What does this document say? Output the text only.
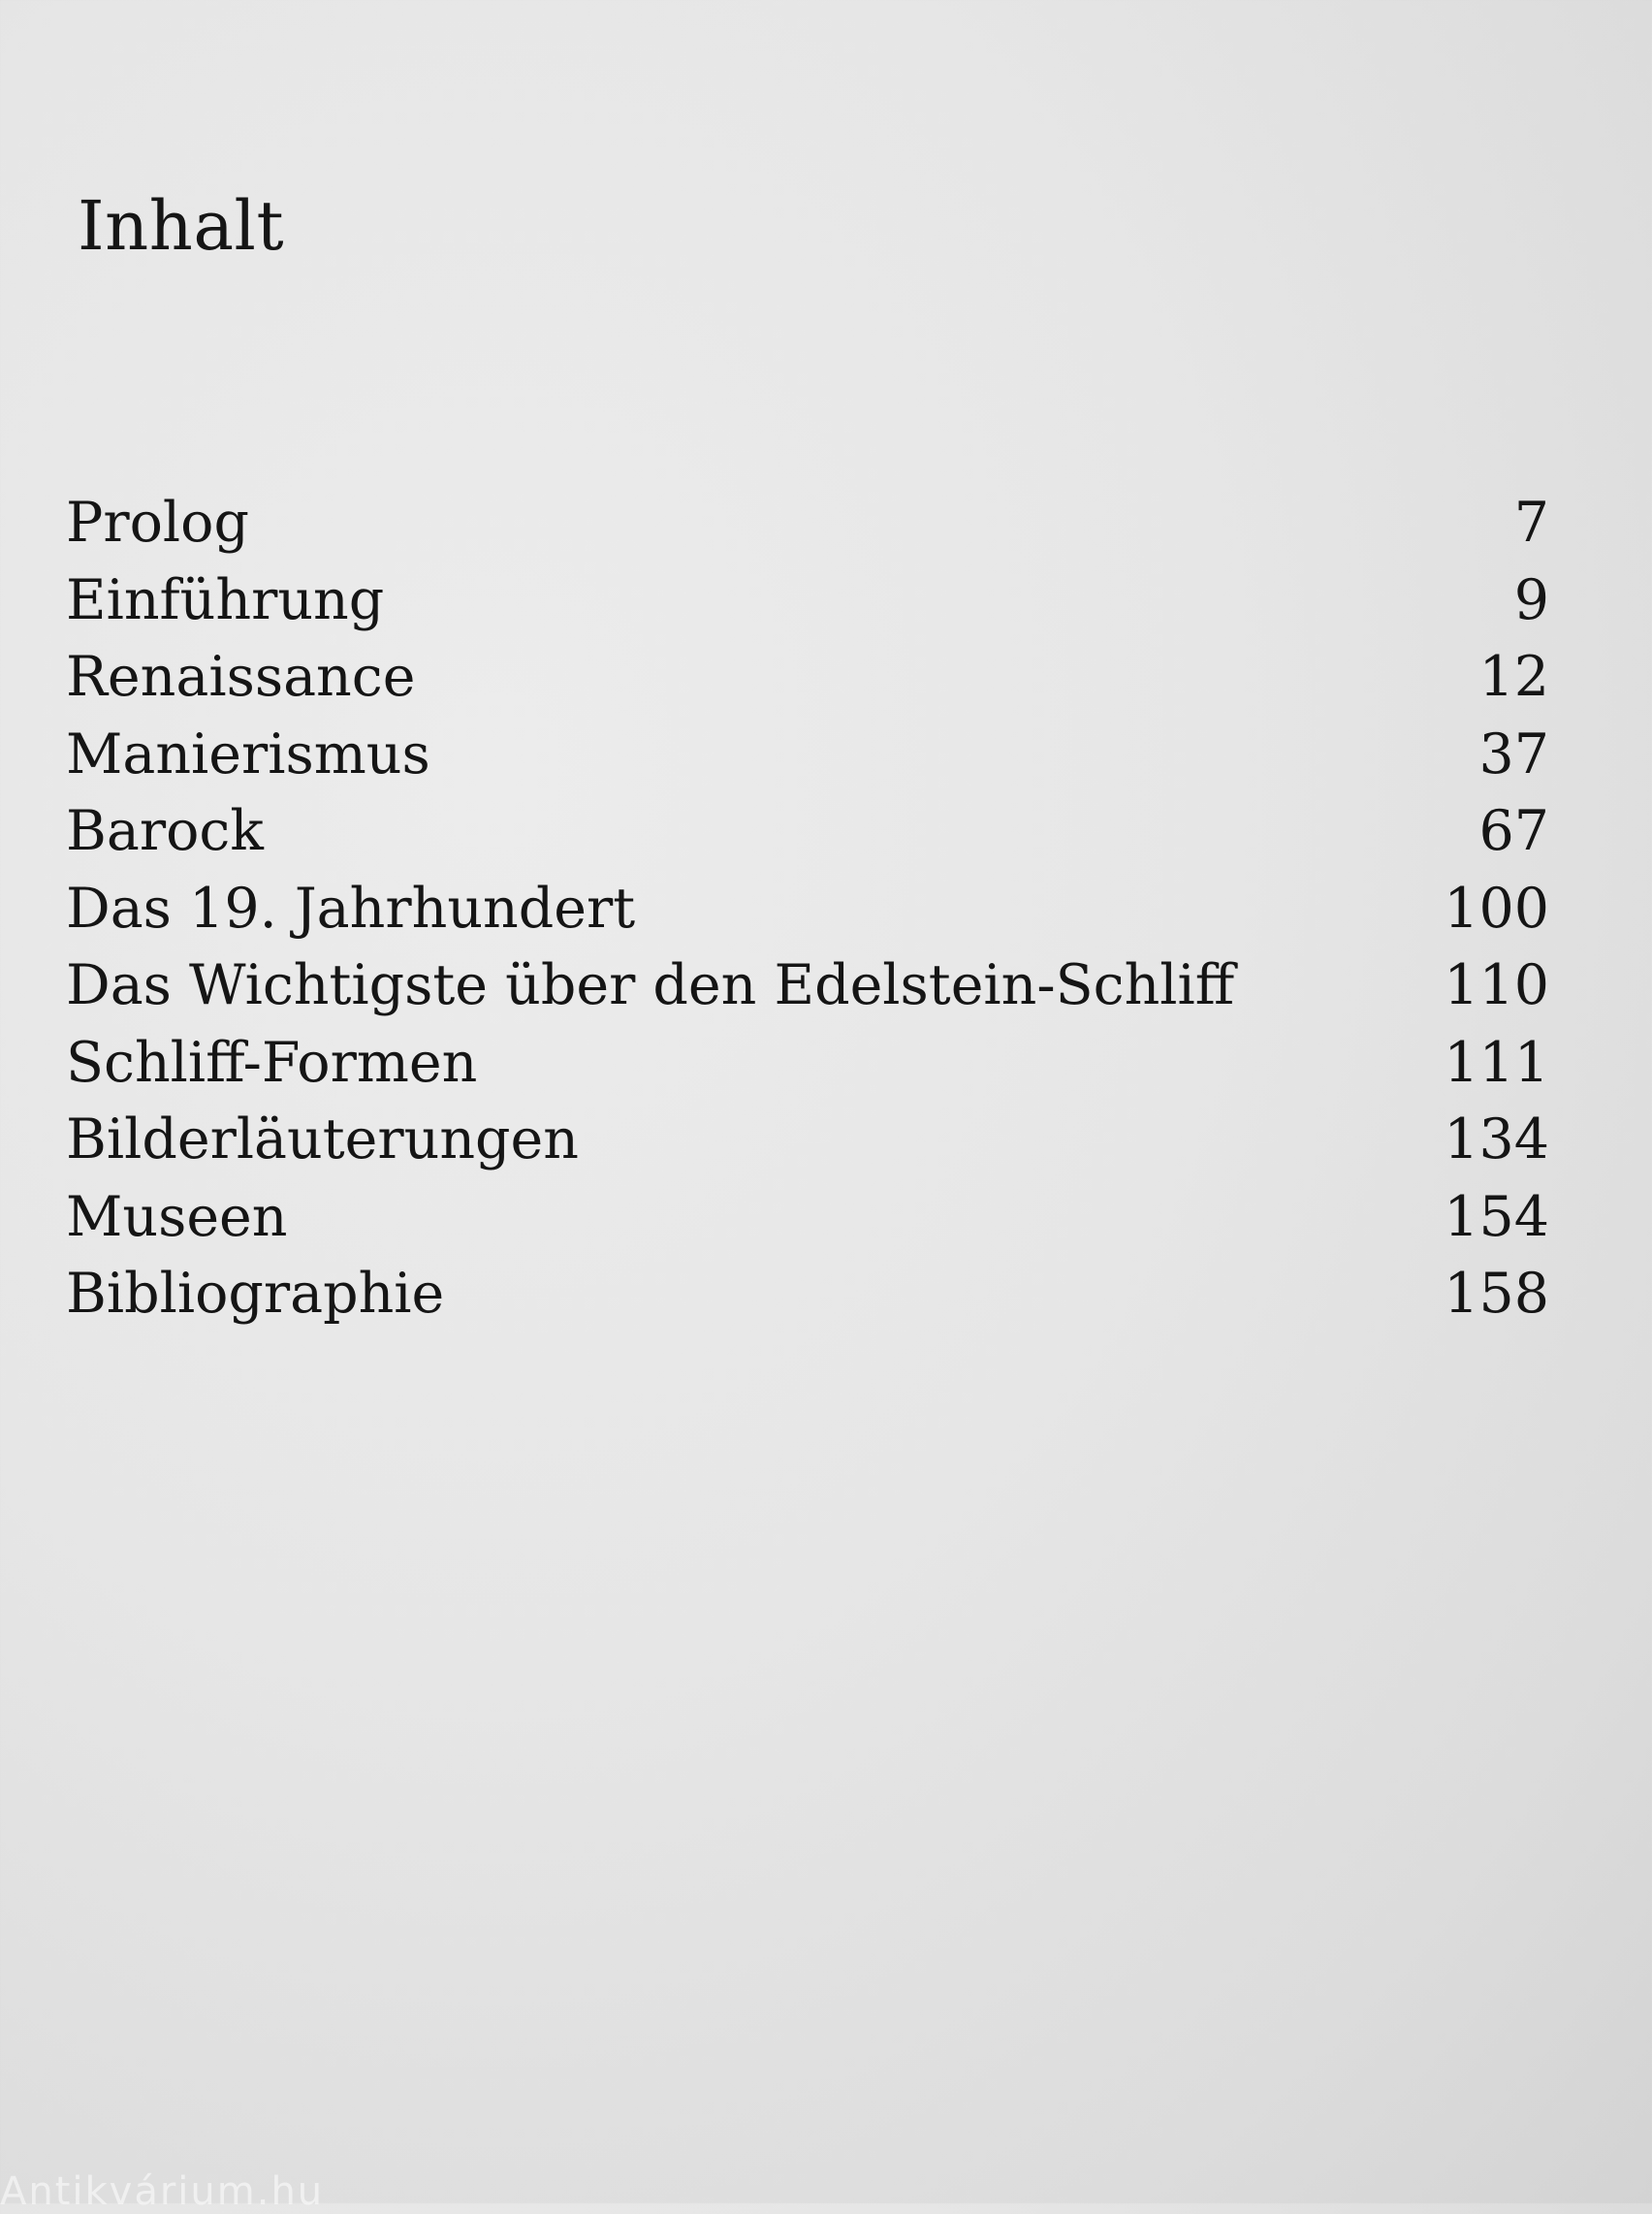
Inhalt
Prolog	7
Einführung	9
Renaissance	12
Manierismus	37
Barock	67
Das 19. Jahrhundert	100
Das Wichtigste über den Edelstein-Schliff	110
Schliff-Formen	111
Bilderläuterungen	134
Museen	154
Bibliographie	158
Antikvárium.hu
